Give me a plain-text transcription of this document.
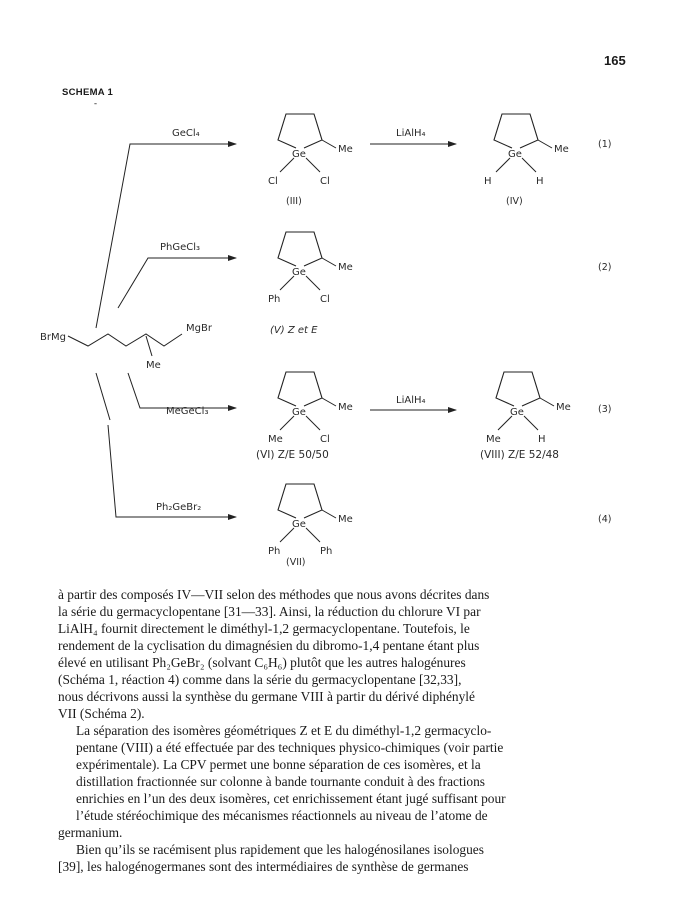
165
SCHEMA 1
-
BrMg
MgBr
Me
GeCl₄
PhGeCl₃
MeGeCl₃
Ph₂GeBr₂
LiAlH₄
LiAlH₄
(1)
(2)
(3)
(4)
Ge	Me
Cl	Cl
Ge	Me
H	H
Ge	Me
Ph	Cl
Ge	Me
Me	Cl
Ge	Me
Me	H
Ge	Me
Ph	Ph
(III)	(IV)
(V) Z et E
(VI) Z/E 50/50	(VIII) Z/E 52/48
(VII)

à partir des composés IV—VII selon des méthodes que nous avons décrites dans
la série du germacyclopentane [31—33]. Ainsi, la réduction du chlorure VI par
LiAlH₄ fournit directement le diméthyl-1,2 germacyclopentane. Toutefois, le
rendement de la cyclisation du dimagnésien du dibromo-1,4 pentane étant plus
élevé en utilisant Ph₂GeBr₂ (solvant C₆H₆) plutôt que les autres halogénures
(Schéma 1, réaction 4) comme dans la série du germacyclopentane [32,33],
nous décrivons aussi la synthèse du germane VIII à partir du dérivé diphénylé
VII (Schéma 2).

La séparation des isomères géométriques Z et E du diméthyl-1,2 germacyclo-
pentane (VIII) a été effectuée par des techniques physico-chimiques (voir partie
expérimentale). La CPV permet une bonne séparation de ces isomères, et la
distillation fractionnée sur colonne à bande tournante conduit à des fractions
enrichies en l’un des deux isomères, cet enrichissement étant jugé suffisant pour
l’étude stéréochimique des mécanismes réactionnels au niveau de l’atome de
germanium.

Bien qu’ils se racémisent plus rapidement que les halogénosilanes isologues
[39], les halogénogermanes sont des intermédiaires de synthèse de germanes
